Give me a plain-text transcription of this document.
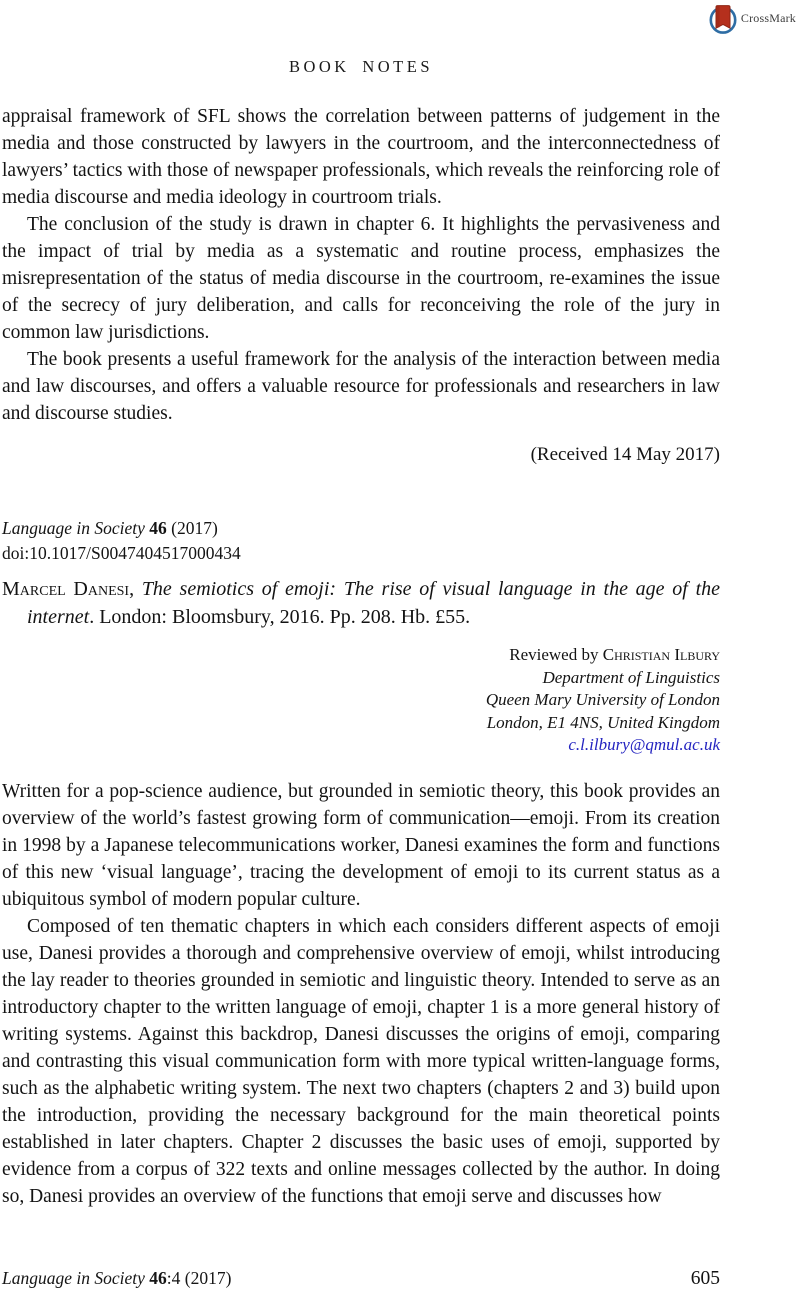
CrossMark
BOOK NOTES

appraisal framework of SFL shows the correlation between patterns of judgement in the media and those constructed by lawyers in the courtroom, and the interconnectedness of lawyers’ tactics with those of newspaper professionals, which reveals the reinforcing role of media discourse and media ideology in courtroom trials.

The conclusion of the study is drawn in chapter 6. It highlights the pervasiveness and the impact of trial by media as a systematic and routine process, emphasizes the misrepresentation of the status of media discourse in the courtroom, re-examines the issue of the secrecy of jury deliberation, and calls for reconceiving the role of the jury in common law jurisdictions.

The book presents a useful framework for the analysis of the interaction between media and law discourses, and offers a valuable resource for professionals and researchers in law and discourse studies.

(Received 14 May 2017)

Language in Society 46 (2017)
doi:10.1017/S0047404517000434
Marcel Danesi, The semiotics of emoji: The rise of visual language in the age of the internet. London: Bloomsbury, 2016. Pp. 208. Hb. £55.
Reviewed by Christian Ilbury
Department of Linguistics
Queen Mary University of London
London, E1 4NS, United Kingdom
c.l.ilbury@qmul.ac.uk

Written for a pop-science audience, but grounded in semiotic theory, this book provides an overview of the world’s fastest growing form of communication—emoji. From its creation in 1998 by a Japanese telecommunications worker, Danesi examines the form and functions of this new ‘visual language’, tracing the development of emoji to its current status as a ubiquitous symbol of modern popular culture.

Composed of ten thematic chapters in which each considers different aspects of emoji use, Danesi provides a thorough and comprehensive overview of emoji, whilst introducing the lay reader to theories grounded in semiotic and linguistic theory. Intended to serve as an introductory chapter to the written language of emoji, chapter 1 is a more general history of writing systems. Against this backdrop, Danesi discusses the origins of emoji, comparing and contrasting this visual communication form with more typical written-language forms, such as the alphabetic writing system. The next two chapters (chapters 2 and 3) build upon the introduction, providing the necessary background for the main theoretical points established in later chapters. Chapter 2 discusses the basic uses of emoji, supported by evidence from a corpus of 322 texts and online messages collected by the author. In doing so, Danesi provides an overview of the functions that emoji serve and discusses how

Language in Society 46:4 (2017)	605
